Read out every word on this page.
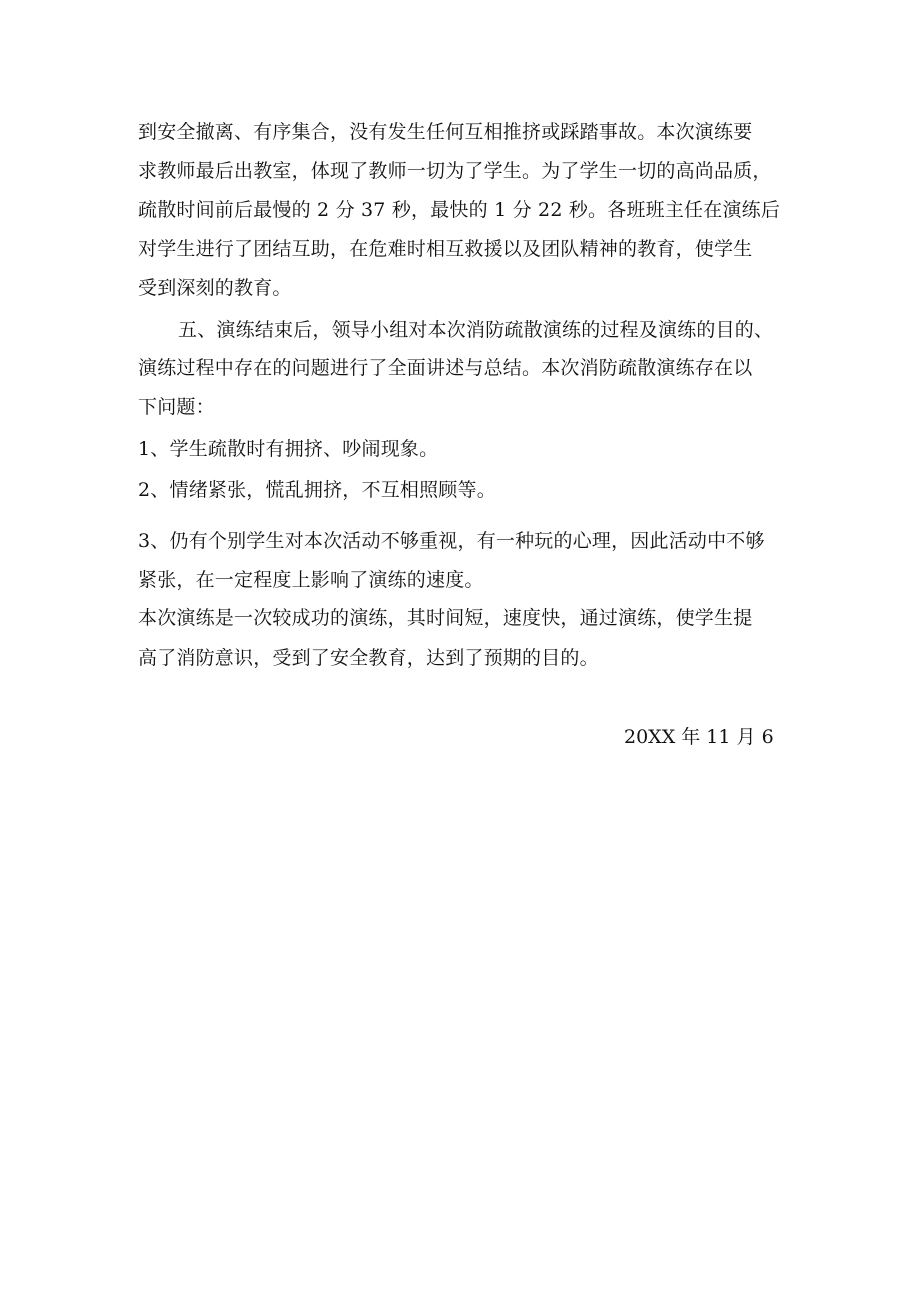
到安全撤离、有序集合，没有发生任何互相推挤或踩踏事故。本次演练要
求教师最后出教室，体现了教师一切为了学生。为了学生一切的高尚品质，
疏散时间前后最慢的 2 分 37 秒，最快的 1 分 22 秒。各班班主任在演练后
对学生进行了团结互助，在危难时相互救援以及团队精神的教育，使学生
受到深刻的教育。
五、演练结束后，领导小组对本次消防疏散演练的过程及演练的目的、
演练过程中存在的问题进行了全面讲述与总结。本次消防疏散演练存在以
下问题：
1、学生疏散时有拥挤、吵闹现象。
2、情绪紧张，慌乱拥挤，不互相照顾等。
3、仍有个别学生对本次活动不够重视，有一种玩的心理，因此活动中不够
紧张，在一定程度上影响了演练的速度。
本次演练是一次较成功的演练，其时间短，速度快，通过演练，使学生提
高了消防意识，受到了安全教育，达到了预期的目的。
20XX 年 11 月 6
